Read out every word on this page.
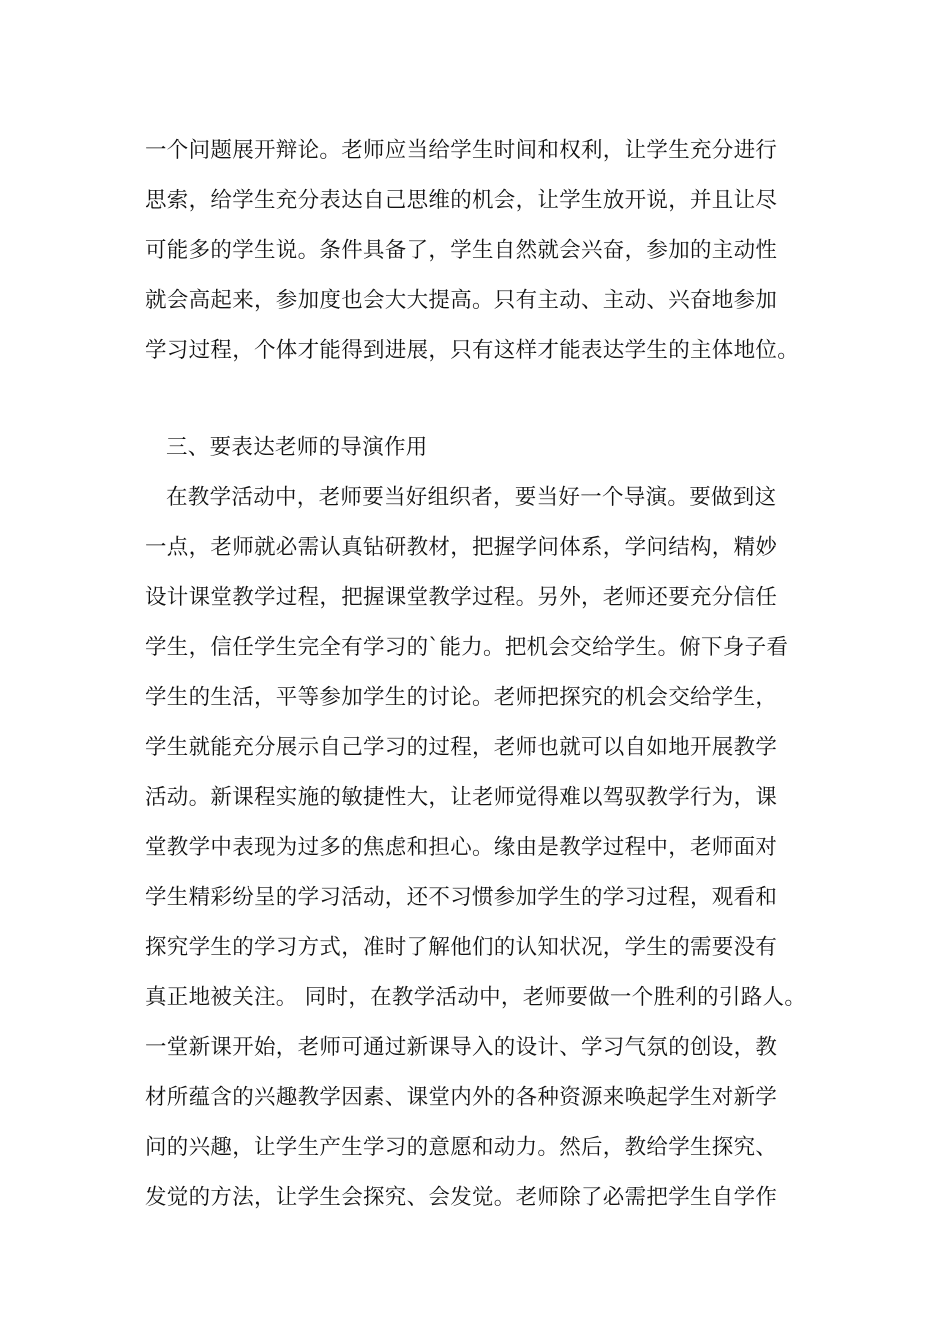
一个问题展开辩论。老师应当给学生时间和权利，让学生充分进行
思索，给学生充分表达自己思维的机会，让学生放开说，并且让尽
可能多的学生说。条件具备了，学生自然就会兴奋，参加的主动性
就会高起来，参加度也会大大提高。只有主动、主动、兴奋地参加
学习过程，个体才能得到进展，只有这样才能表达学生的主体地位。
三、要表达老师的导演作用
在教学活动中，老师要当好组织者，要当好一个导演。要做到这
一点，老师就必需认真钻研教材，把握学问体系，学问结构，精妙
设计课堂教学过程，把握课堂教学过程。另外，老师还要充分信任
学生，信任学生完全有学习的`能力。把机会交给学生。俯下身子看
学生的生活，平等参加学生的讨论。老师把探究的机会交给学生，
学生就能充分展示自己学习的过程，老师也就可以自如地开展教学
活动。新课程实施的敏捷性大，让老师觉得难以驾驭教学行为，课
堂教学中表现为过多的焦虑和担心。缘由是教学过程中，老师面对
学生精彩纷呈的学习活动，还不习惯参加学生的学习过程，观看和
探究学生的学习方式，准时了解他们的认知状况，学生的需要没有
真正地被关注。 同时，在教学活动中，老师要做一个胜利的引路人。
一堂新课开始，老师可通过新课导入的设计、学习气氛的创设，教
材所蕴含的兴趣教学因素、课堂内外的各种资源来唤起学生对新学
问的兴趣，让学生产生学习的意愿和动力。然后，教给学生探究、
发觉的方法，让学生会探究、会发觉。老师除了必需把学生自学作
